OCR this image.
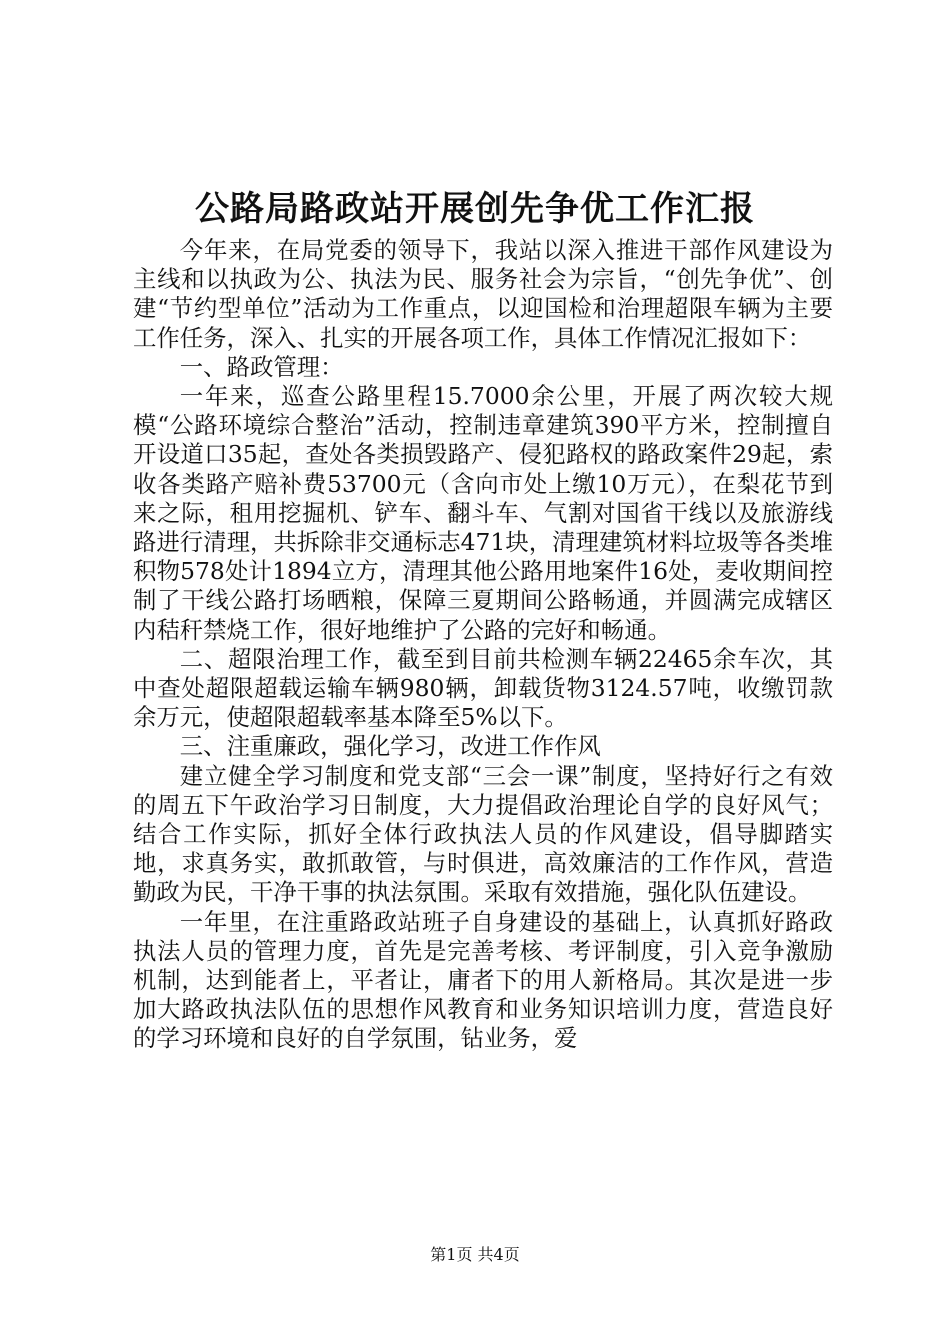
公路局路政站开展创先争优工作汇报

今年来，在局党委的领导下，我站以深入推进干部作风建设为主线和以执政为公、执法为民、服务社会为宗旨，“创先争优”、创建“节约型单位”活动为工作重点，以迎国检和治理超限车辆为主要工作任务，深入、扎实的开展各项工作，具体工作情况汇报如下：

一、路政管理：

一年来，巡查公路里程15.7000余公里，开展了两次较大规模“公路环境综合整治”活动，控制违章建筑390平方米，控制擅自开设道口35起，查处各类损毁路产、侵犯路权的路政案件29起，索收各类路产赔补费53700元（含向市处上缴10万元），在梨花节到来之际，租用挖掘机、铲车、翻斗车、气割对国省干线以及旅游线路进行清理，共拆除非交通标志471块，清理建筑材料垃圾等各类堆积物578处计1894立方，清理其他公路用地案件16处，麦收期间控制了干线公路打场晒粮，保障三夏期间公路畅通，并圆满完成辖区内秸秆禁烧工作，很好地维护了公路的完好和畅通。

二、超限治理工作，截至到目前共检测车辆22465余车次，其中查处超限超载运输车辆980辆，卸载货物3124.57吨，收缴罚款余万元，使超限超载率基本降至5%以下。

三、注重廉政，强化学习，改进工作作风

建立健全学习制度和党支部“三会一课”制度，坚持好行之有效的周五下午政治学习日制度，大力提倡政治理论自学的良好风气；结合工作实际，抓好全体行政执法人员的作风建设，倡导脚踏实地，求真务实，敢抓敢管，与时俱进，高效廉洁的工作作风，营造勤政为民，干净干事的执法氛围。采取有效措施，强化队伍建设。

一年里，在注重路政站班子自身建设的基础上，认真抓好路政执法人员的管理力度，首先是完善考核、考评制度，引入竞争激励机制，达到能者上，平者让，庸者下的用人新格局。其次是进一步加大路政执法队伍的思想作风教育和业务知识培训力度，营造良好的学习环境和良好的自学氛围，钻业务，爱

第1页 共4页
